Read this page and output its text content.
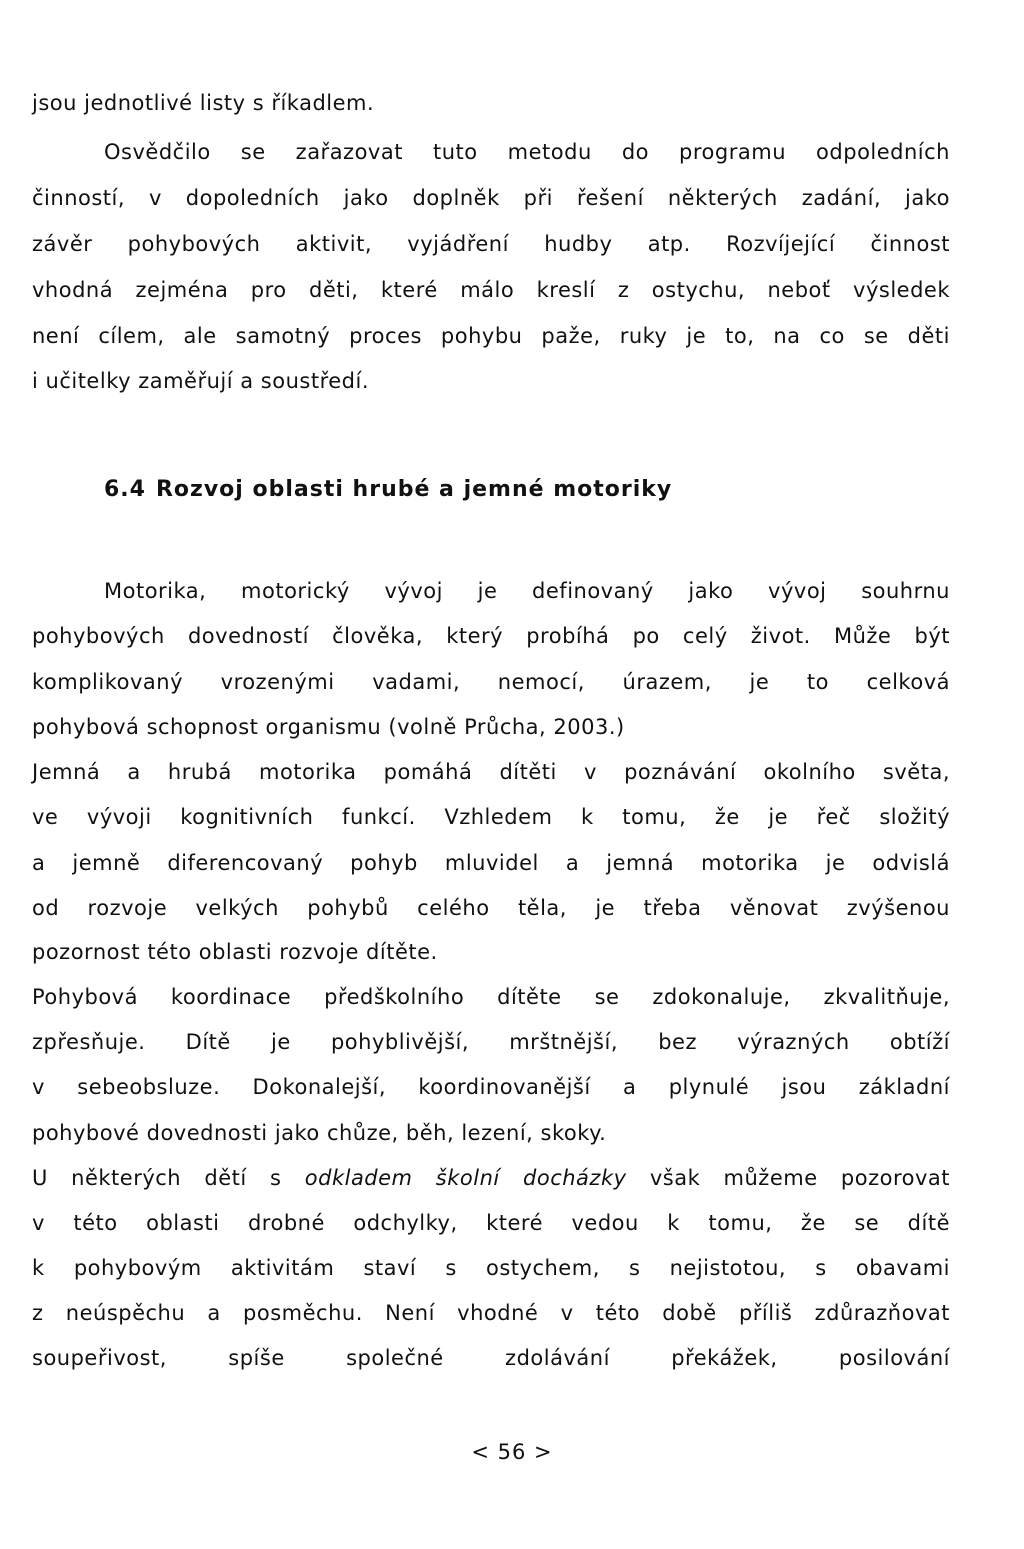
jsou jednotlivé listy s říkadlem.
Osvědčilo se zařazovat tuto metodu do programu odpoledních
činností, v dopoledních jako doplněk při řešení některých zadání, jako
závěr pohybových aktivit, vyjádření hudby atp. Rozvíjející činnost
vhodná zejména pro děti, které málo kreslí z ostychu, neboť výsledek
není cílem, ale samotný proces pohybu paže, ruky je to, na co se děti
i učitelky zaměřují a soustředí.
6.4 Rozvoj oblasti hrubé a jemné motoriky
Motorika, motorický vývoj je definovaný jako vývoj souhrnu
pohybových dovedností člověka, který probíhá po celý život. Může být
komplikovaný vrozenými vadami, nemocí, úrazem, je to celková
pohybová schopnost organismu (volně Průcha, 2003.)
Jemná a hrubá motorika pomáhá dítěti v poznávání okolního světa,
ve vývoji kognitivních funkcí. Vzhledem k tomu, že je řeč složitý
a jemně diferencovaný pohyb mluvidel a jemná motorika je odvislá
od rozvoje velkých pohybů celého těla, je třeba věnovat zvýšenou
pozornost této oblasti rozvoje dítěte.
Pohybová koordinace předškolního dítěte se zdokonaluje, zkvalitňuje,
zpřesňuje. Dítě je pohyblivější, mrštnější, bez výrazných obtíží
v sebeobsluze. Dokonalejší, koordinovanější a plynulé jsou základní
pohybové dovednosti jako chůze, běh, lezení, skoky.
U některých dětí s odkladem školní docházky však můžeme pozorovat
v této oblasti drobné odchylky, které vedou k tomu, že se dítě
k pohybovým aktivitám staví s ostychem, s nejistotou, s obavami
z neúspěchu a posměchu. Není vhodné v této době příliš zdůrazňovat
soupeřivost, spíše společné zdolávání překážek, posilování
< 56 >
